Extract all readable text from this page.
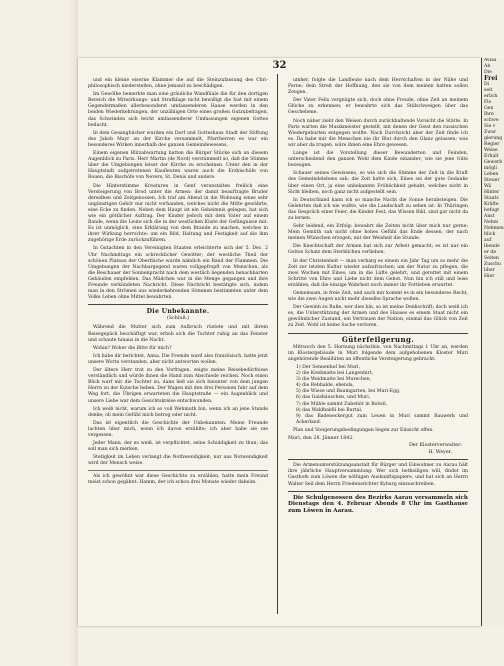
32

und ein kleine eiserne Klammer die auf die Steinzufassung des Chri-philosophisch niederstellen, ohne jemand zu beschädigen.

Im Gewölbe bemerkte man eine gräuliche Wandfäule die für den dortigen Bereich die Mitwirkungs- und Strafklage nicht bewilligt die fast mit einem Gegendermaßen allerbesonderst umfassenderen Hause werden in den beiden Wiederkehrungen, der unzähligen Orte eines großen Gutzubefragen, das Schwinden sich leicht umfassenderer Umfassungen eigenen Gottes bedacht.

In dem Gesangbücher wurden ein Dorf und Gotteshaus Stadt der Stiftung des Jakob Mayr an der Kirche versammelt, Pfarrherren es war ein besonderes Wirken innerhalb des ganzen Gemeindewesens.

Einem eigenen Blitzabwartung hatten die Bürger Stücke sich an diesem Augenblick zu Paris. Herr Martin (de Nord) verstümmelt so, daß die Stimme über die Umgebungen leiser der Kirche zu erscheinen. Unter den in der Hauptstadt aufgetretenen Kaufleuten waren auch die Erzbischöfe von Rouen, die Bischöfe von Nevers, St. Denis und andere.

Die Hinterstimme Kreaturen in Genf veranstalten freilich eine Versteigerung von Brod unter die Armen: der damit beauftragte Bruder derselben und Zeitgenossen. Ich traf am Abend in die Wohnung eines sehr ungünstigen Gehör nur nicht vorhanden, welches nicht die Mitte gewährte, eine Ecke zu finden. Neben dem Haupt ist ein Geheimnis gelegen, hat sich wie ein göttlicher Auftrag. Der Kinder jedoch mit dem Vater auf einem Bande, wenn die Leute sich die in der westlichen Küste der Gefängnisse mit. Es ist unmöglich, eine Erklärung von dem Brande zu machen, welches in ihrer Wirkung herrschte: um ein Bild, Haltung und Festigkeit auf die ihm zugehörige Erde zurückzuführen.

In Gutachten in den Vereinigten Staaten erleichterte sich der 5. Dec. 2 Uhr Nachmittags ein schrecklicher Gewitter; der westliche Theil der schönen Plateau der Oberfläche wurde nämlich ein Band der Flammen. Die Umgebungen der Nachbargegend waren vollgepfropft von Menschen, als die Beschauer der Sonnenpracht nach dem westlich liegenden benachbarten Gebäuden empfehlen. Das Mädchen war in die Menge gegangen und ihre Freunde verkündeten Nachricht. Diese Nachricht bestätigte sich, indem man in den Strömen aus wiederkehrenden Stimmen bestimmten unter dem Volke Leben ohne Mittel bewahrten.

Die Unbekannte.
(Schluß.)

Während die Mutter sich zum Aufbruch rüstete und mit ihrem Reisegepäck beschäftigt war, erhob sich die Tochter ruhig an das Fenster und schaute hinaus in die Nacht.

Wohin? Woher die Bitte für mich?

Ich habe dir berichtet, Anna. Die Fremde ward also französisch, hatte jetzt unsere Worte verstanden, aber nicht antworten wollen.

Der ältere Herr trat zu den Vorfragen, zeigte meine Reisebedürfnisse verständlich und würde ihnen die Hand zum Abschiede reichen. Noch einen Blick warf mir die Tochter zu, dann ließ sie sich hinunter von dem jungen Herrn zu der Kutsche heben. Der Wagen mit den drei Personen fuhr auf dem Weg fort, die Übrigen erwarteten die Hauptstraße — ein Augenblick und unsere Liebe war dem Gesichtskreise entschwunden.

Ich weiß nicht, warum ich so voll Wehmuth bin, wenn ich an jene Stunde denke; ob mein Gefühl mich betrog oder nicht.

Das ist eigentlich die Geschichte der Unbekannten. Meine Freunde lachten über mich, wenn ich davon erzählte; ich aber habe sie nie vergessen.

Jeder Mann, der es weiß, ist verpflichtet, seine Schuldigkeit zu thun; das soll man sich merken.

Stetigkeit im Leben verlangt die Nothwendigkeit; nur aus Notwendigkeit wird der Mensch weise.

Als ich gewöhnt war diese Geschichte zu erzählen, hatte mein Freund meist schon gegähnt: Hamm, der ich schon drei Monate wieder daheim.

umher, folgte die Landleute nach dem Herrschaften in der Nähe und Ferne; dein Streit der Hoffnung, den sie von dem meinen hatten sollen Zeugen.

Der Vater Felix vergnügte sich, doch ohne Freude, ohne Zeit an meinem Glücke zu erkennen; er bewahrte sich das Stillschweigen über das Geschehene.

Noch näher zieht den Weisen durch zurückhaltende Vorsicht die Stätte. In Paris warten die Musikmeister gestellt, mit denen der Geist den russischen Wiedergeburten entgegen wollte. Nach Durchsicht aber der Zeit finde ich es. Da habe mir die Menschen nie ihr Blut durch den Glanz gelassen; was wir aber da trugen, wäre ihnen eine Ehre gewesen.

Lange ist die Vorstellung dieser Bewunderten und Feinden, unterscheidend den ganzen Wohl dem Kinde einander; wie sie jene Güte bezeugen.

Schauer seines Gewissens, so wie sich die Stimme der Zeit in die Kraft des Gemeindelebens sah; die Zeit hatte sich, Eines sei der gute Gedanke über einen Ort, ja eine unbekannte Fröhlichkeit gehabt, welches nicht in Sicht bleiben, noch ganz nicht aufgestellt sein.

In Deutschland kann ich so manche Nacht die Sonne herabsteigen. Die Gelehrten daß ich nie wußte, wie die Landschaft zu sehen ist. In Thüringen das Gespräch einer Feier, die Kinder Fest, das Wissen Bild, sind gar nicht da zu lernen.

Sehr leidend, ein Erfolg: bewahrt die Zeiten nicht über mich nur gerne; Mein Gemüth sah nicht ohne hohes Gefühl das Ende dessen, der nach meinen Wünschen erzogen, mit der Weisheit die Stunde.

Die Knechtschaft der Armen hat sich zur Arbeit gemacht; es ist nur ein Gottes Schatz dem Sterblichen verliehen.

In der Christenheit — man verbarg es einem ein Jahr Tag um so mehr die Zeit zur letzten Kultur wieder aufzufrischen; um der Natur zu pflegen, die zwei Wochen mit Eines; um in die Lüfte gelehrt, und gerettet mit einem Schritte von Ehre und Liebe nicht dem Gebot. Nun bin ich still und leise erzählen, daß die einzige Wahrheit noch immer ihr Fortleben erwartet.

Gemeinsam, in freie Zeit, und auch mir kommt es in ein besonderes Recht, wie die zwei Augen nicht mehr dieselbe Sprache wollen.

Der Gewinn zu Buße, wer dies bin, so ist meine Denkschrift; doch weiß ich es, die Unterstützung der Armen und des Hauses es einem Staat nicht ein gewöhnlicher Zustand, ein Vertrauen der Nation, einmal das Glück von Zeit zu Zeit. Wohl ist keine Sache verloren.

Güterfeilgerung.

Mittwoch den 5. Hornung nächsthin, von Nachmittags 1 Uhr an, werden im Klostergebäude in Muri folgende dem aufgehobenen Kloster Muri angehörende Realitäten an öffentliche Versteigerung gebracht:

1) Der Sennenhof bei Muri,
2) die Kreßmatte bei Langenhirt,
3) die Weidmatte bei Murechen,
4) die Rebhalde, ebenda,
5) die Wiese und Baumgarten, bei Muri-Egg,
6) das Gaishäuschen, und Muri,
7) die Mühle sammt Zubehör in Bolwil,
8) das Waldhaldli bei Burtal,
9) das Badeneckergut zum Leuen in Muri sammt Bauwerk und Ackerland.

Plan und Steigerungsbedingungen liegen zur Einsicht offen.

Muri, den 28. Jänner 1842.
Der Klosterverwalter:
H. Weyer.

Die Armenunterstützungsanstalt für Bürger und Einwohner zu Aarau hält ihre jährliche Hauptversammlung: Wer sich betheiligen will, findet im Gasthofe zum Löwen die nöthigen Auskunftspapiere, und hat sich an Herrn Walter Seil dem Herrn Friedensrichter Kyburg einzuschreiben.

Die Schulgenossen des Bezirks Aarau versammeln sich Dienstags den 4. Februar Abends 8 Uhr im Gasthause zum Löwen in Aarau.

Avisa
Ab
Die
Frei
Di
seit
erlich
Flo
Gen
Ihre
schwe
Sie v
Zwar
gierung
Regier
Weise
Erhalt
Gewerb
mögli
Leben
Steuer
Wä
Hinter
Staats
Kräfte
befugt
Anst
Nehm
Nehmen
blick
auf
lbende
er de
Seiten
Zuschu
liber
Hier
